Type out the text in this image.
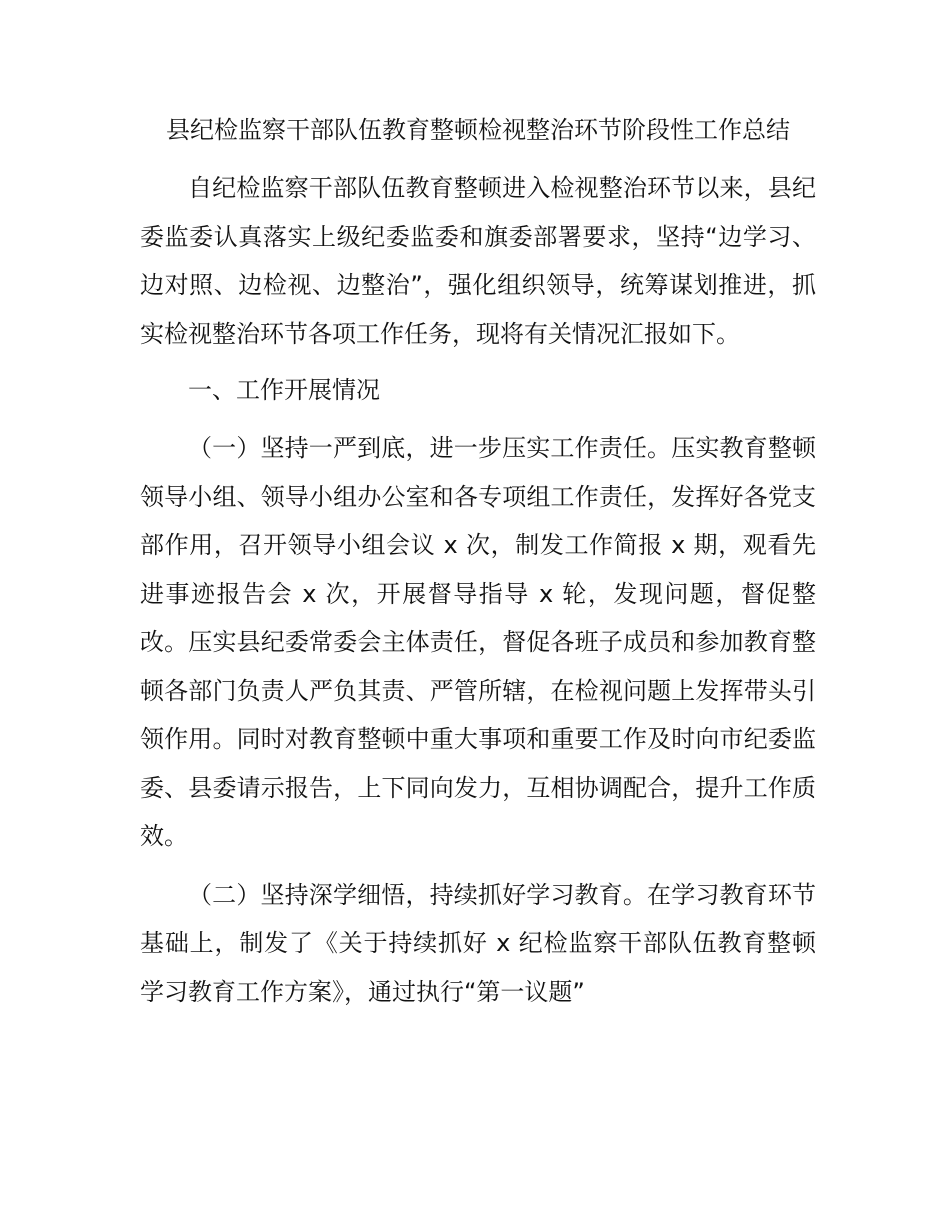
县纪检监察干部队伍教育整顿检视整治环节阶段性工作总结

自纪检监察干部队伍教育整顿进入检视整治环节以来，县纪委监委认真落实上级纪委监委和旗委部署要求，坚持“边学习、边对照、边检视、边整治”，强化组织领导，统筹谋划推进，抓实检视整治环节各项工作任务，现将有关情况汇报如下。

一、工作开展情况

（一）坚持一严到底，进一步压实工作责任。压实教育整顿领导小组、领导小组办公室和各专项组工作责任，发挥好各党支部作用，召开领导小组会议 x 次，制发工作简报 x 期，观看先进事迹报告会 x 次，开展督导指导 x 轮，发现问题，督促整改。压实县纪委常委会主体责任，督促各班子成员和参加教育整顿各部门负责人严负其责、严管所辖，在检视问题上发挥带头引领作用。同时对教育整顿中重大事项和重要工作及时向市纪委监委、县委请示报告，上下同向发力，互相协调配合，提升工作质效。

（二）坚持深学细悟，持续抓好学习教育。在学习教育环节基础上，制发了《关于持续抓好 x 纪检监察干部队伍教育整顿学习教育工作方案》，通过执行“第一议题”
